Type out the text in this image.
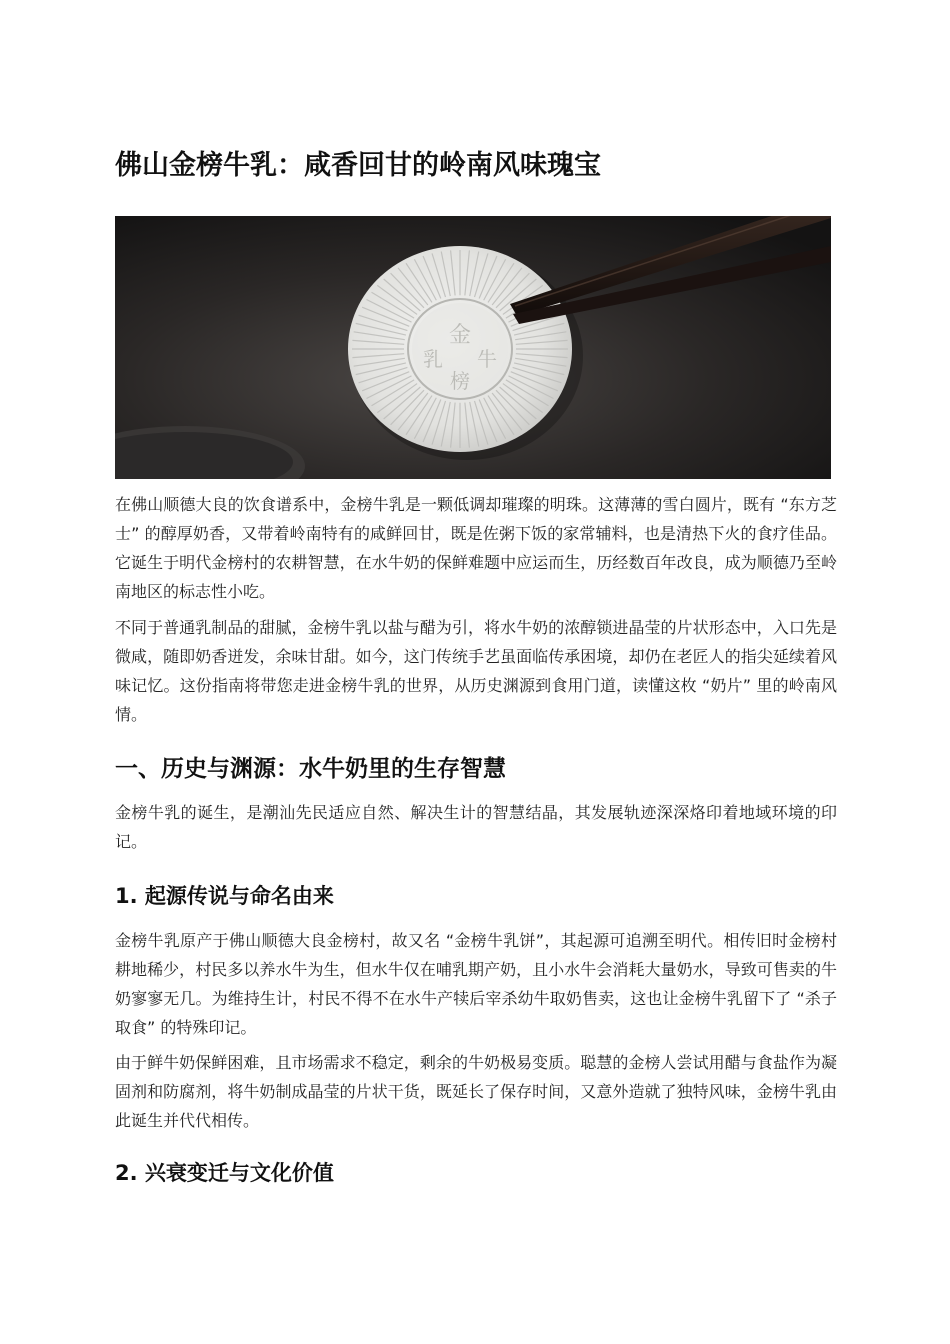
佛山金榜牛乳：咸香回甘的岭南风味瑰宝
金
牛
乳
榜

在佛山顺德大良的饮食谱系中，金榜牛乳是一颗低调却璀璨的明珠。这薄薄的雪白圆片，既有 “东方芝士” 的醇厚奶香，又带着岭南特有的咸鲜回甘，既是佐粥下饭的家常辅料，也是清热下火的食疗佳品。它诞生于明代金榜村的农耕智慧，在水牛奶的保鲜难题中应运而生，历经数百年改良，成为顺德乃至岭南地区的标志性小吃。

不同于普通乳制品的甜腻，金榜牛乳以盐与醋为引，将水牛奶的浓醇锁进晶莹的片状形态中，入口先是微咸，随即奶香迸发，余味甘甜。如今，这门传统手艺虽面临传承困境，却仍在老匠人的指尖延续着风味记忆。这份指南将带您走进金榜牛乳的世界，从历史渊源到食用门道，读懂这枚 “奶片” 里的岭南风情。

一、历史与渊源：水牛奶里的生存智慧

金榜牛乳的诞生，是潮汕先民适应自然、解决生计的智慧结晶，其发展轨迹深深烙印着地域环境的印记。

1. 起源传说与命名由来

金榜牛乳原产于佛山顺德大良金榜村，故又名 “金榜牛乳饼”，其起源可追溯至明代。相传旧时金榜村耕地稀少，村民多以养水牛为生，但水牛仅在哺乳期产奶，且小水牛会消耗大量奶水，导致可售卖的牛奶寥寥无几。为维持生计，村民不得不在水牛产犊后宰杀幼牛取奶售卖，这也让金榜牛乳留下了 “杀子取食” 的特殊印记。

由于鲜牛奶保鲜困难，且市场需求不稳定，剩余的牛奶极易变质。聪慧的金榜人尝试用醋与食盐作为凝固剂和防腐剂，将牛奶制成晶莹的片状干货，既延长了保存时间，又意外造就了独特风味，金榜牛乳由此诞生并代代相传。

2. 兴衰变迁与文化价值
